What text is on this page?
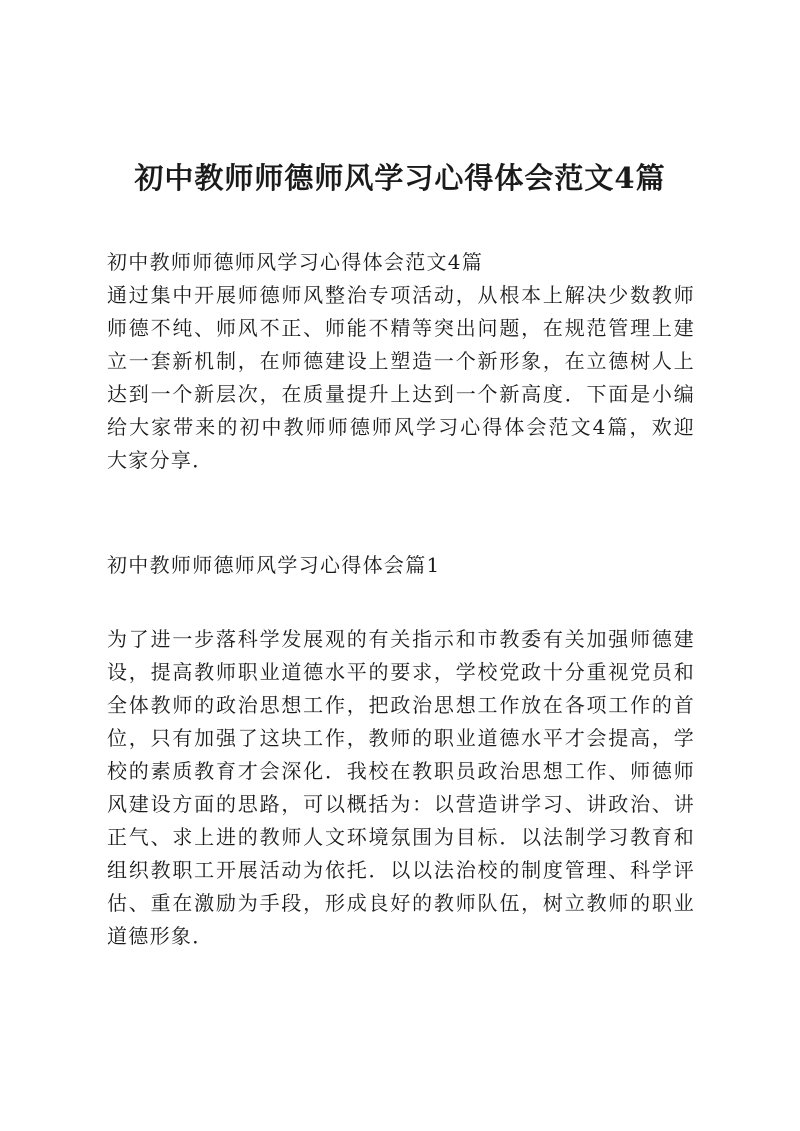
初中教师师德师风学习心得体会范文4篇

初中教师师德师风学习心得体会范文4篇

通过集中开展师德师风整治专项活动，从根本上解决少数教师师德不纯、师风不正、师能不精等突出问题，在规范管理上建立一套新机制，在师德建设上塑造一个新形象，在立德树人上达到一个新层次，在质量提升上达到一个新高度．下面是小编给大家带来的初中教师师德师风学习心得体会范文4篇，欢迎大家分享．

初中教师师德师风学习心得体会篇1

为了进一步落科学发展观的有关指示和市教委有关加强师德建设，提高教师职业道德水平的要求，学校党政十分重视党员和全体教师的政治思想工作，把政治思想工作放在各项工作的首位，只有加强了这块工作，教师的职业道德水平才会提高，学校的素质教育才会深化．我校在教职员政治思想工作、师德师风建设方面的思路，可以概括为：以营造讲学习、讲政治、讲正气、求上进的教师人文环境氛围为目标．以法制学习教育和组织教职工开展活动为依托．以以法治校的制度管理、科学评估、重在激励为手段，形成良好的教师队伍，树立教师的职业道德形象．
